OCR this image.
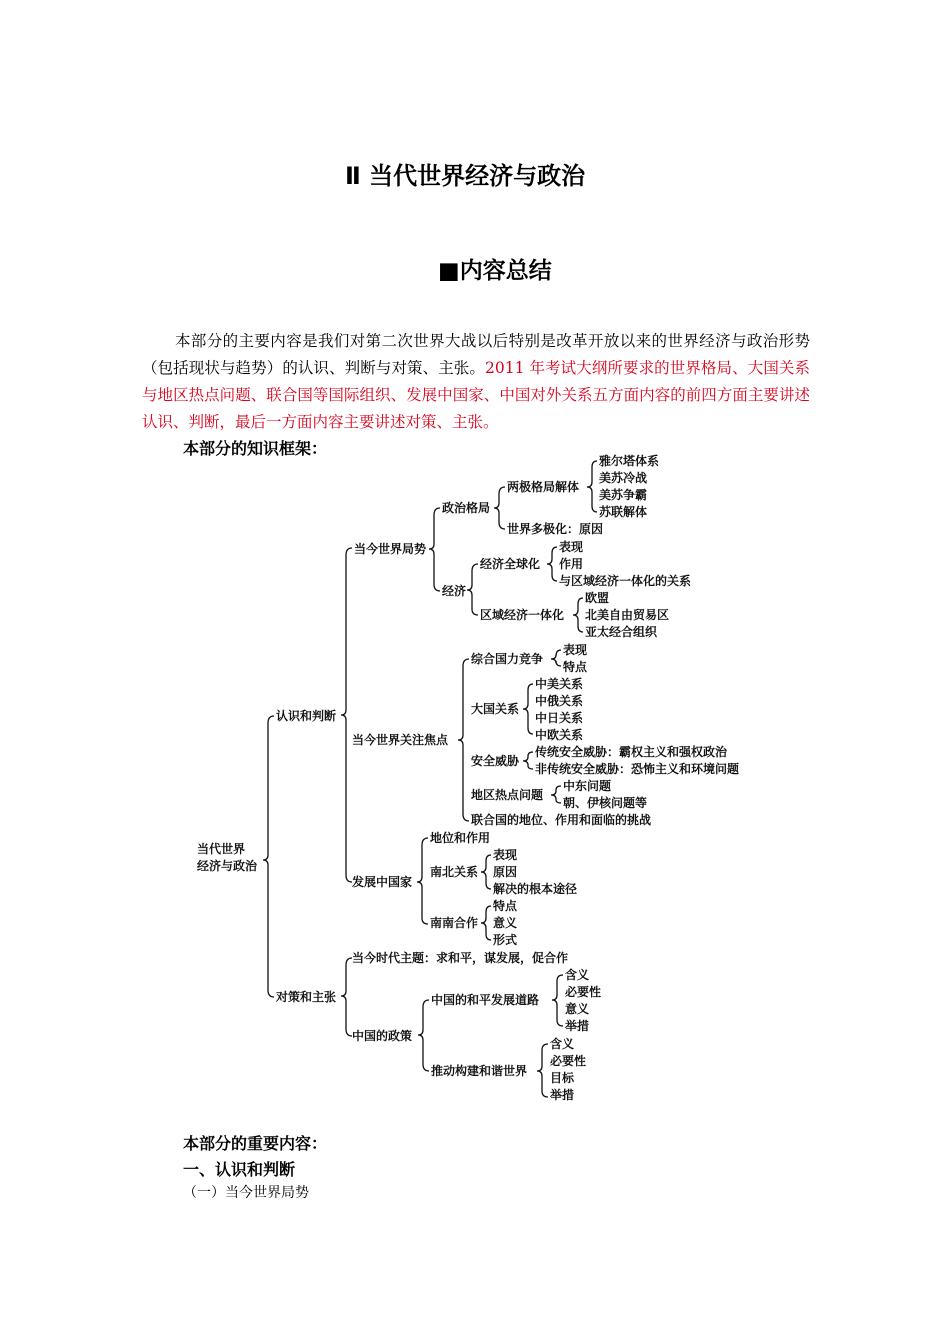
Ⅱ 当代世界经济与政治
■内容总结
本部分的主要内容是我们对第二次世界大战以后特别是改革开放以来的世界经济与政治形势（包括现状与趋势）的认识、判断与对策、主张。2011 年考试大纲所要求的世界格局、大国关系与地区热点问题、联合国等国际组织、发展中国家、中国对外关系五方面内容的前四方面主要讲述认识、判断，最后一方面内容主要讲述对策、主张。
本部分的知识框架：
当代世界
经济与政治
认识和判断
对策和主张
当今世界局势
政治格局
两极格局解体
雅尔塔体系
美苏冷战
美苏争霸
苏联解体
世界多极化：原因
经济
经济全球化
表现
作用
与区域经济一体化的关系
区域经济一体化
欧盟
北美自由贸易区
亚太经合组织
当今世界关注焦点
综合国力竞争
表现
特点
大国关系
中美关系
中俄关系
中日关系
中欧关系
安全威胁
传统安全威胁：霸权主义和强权政治
非传统安全威胁：恐怖主义和环境问题
地区热点问题
中东问题
朝、伊核问题等
联合国的地位、作用和面临的挑战
发展中国家
地位和作用
南北关系
表现
原因
解决的根本途径
南南合作
特点
意义
形式
当今时代主题：求和平，谋发展，促合作
中国的政策
中国的和平发展道路
含义
必要性
意义
举措
推动构建和谐世界
含义
必要性
目标
举措
本部分的重要内容：
一、认识和判断
（一）当今世界局势
